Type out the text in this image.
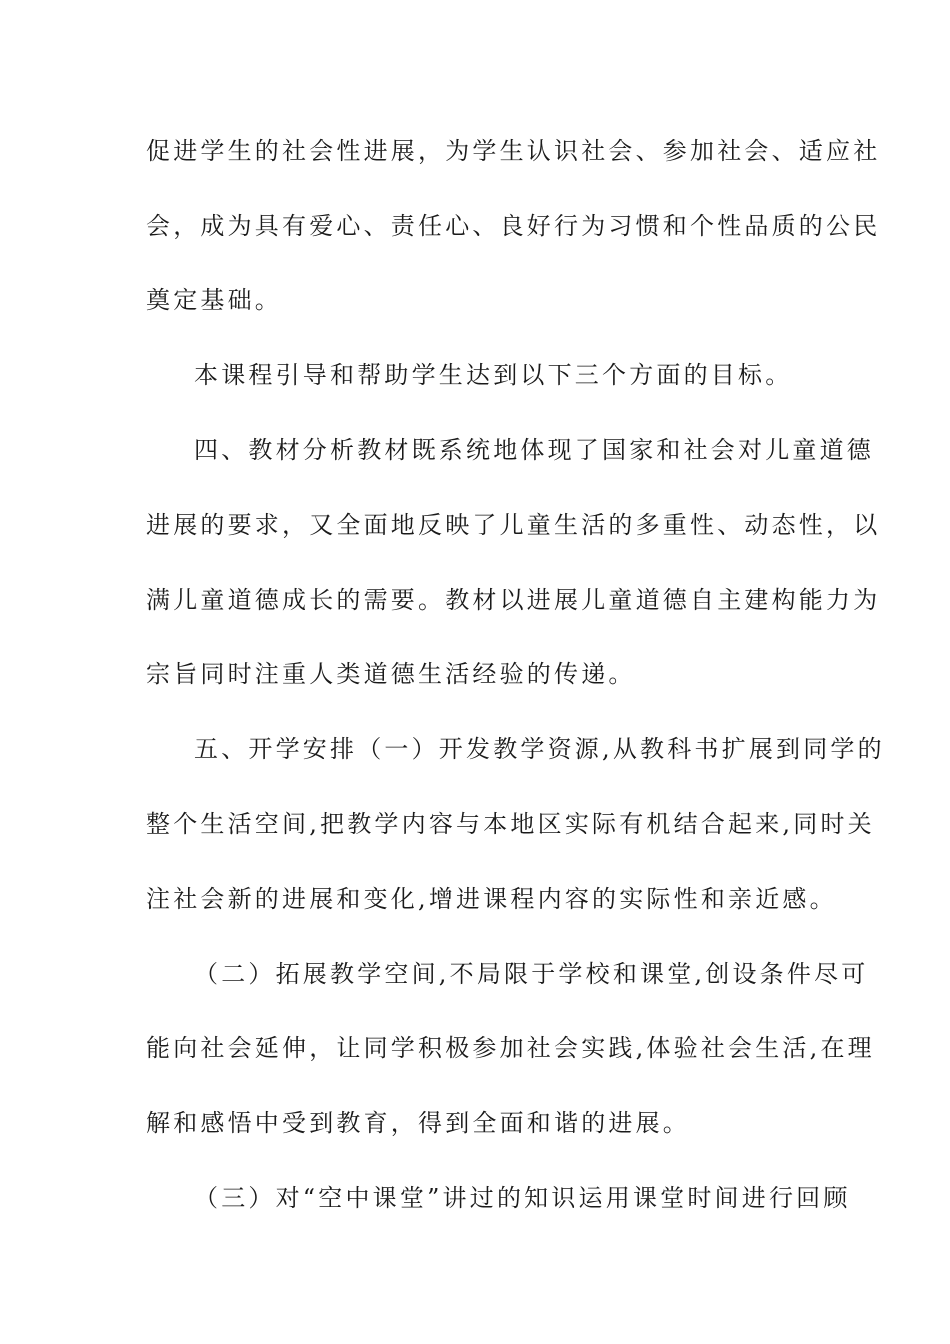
促进学生的社会性进展，为学生认识社会、参加社会、适应社
会，成为具有爱心、责任心、良好行为习惯和个性品质的公民
奠定基础。
本课程引导和帮助学生达到以下三个方面的目标。
四、教材分析教材既系统地体现了国家和社会对儿童道德
进展的要求，又全面地反映了儿童生活的多重性、动态性，以
满儿童道德成长的需要。教材以进展儿童道德自主建构能力为
宗旨同时注重人类道德生活经验的传递。
五、开学安排（一）开发教学资源,从教科书扩展到同学的
整个生活空间,把教学内容与本地区实际有机结合起来,同时关
注社会新的进展和变化,增进课程内容的实际性和亲近感。
（二）拓展教学空间,不局限于学校和课堂,创设条件尽可
能向社会延伸，让同学积极参加社会实践,体验社会生活,在理
解和感悟中受到教育，得到全面和谐的进展。
（三）对“空中课堂”讲过的知识运用课堂时间进行回顾
